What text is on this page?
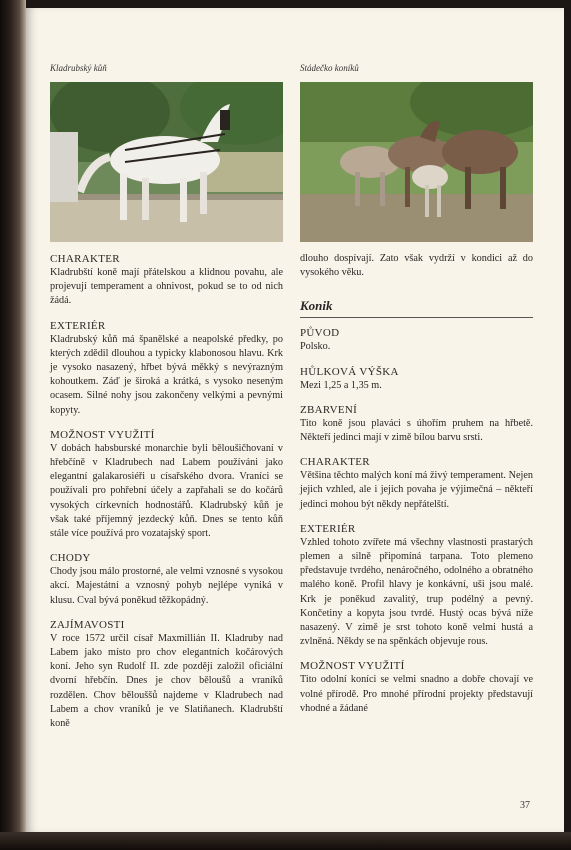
Kladrubský kůň	Stádečko koníků
CHARAKTER

Kladrubští koně mají přátelskou a klidnou povahu, ale projevují temperament a ohnivost, pokud se to od nich žádá.

EXTERIÉR

Kladrubský kůň má španělské a neapolské předky, po kterých zdědil dlouhou a typicky klabonosou hlavu. Krk je vysoko nasazený, hřbet bývá měkký s nevýrazným kohoutkem. Záď je široká a krátká, s vysoko neseným ocasem. Silné nohy jsou zakončeny velkými a pevnými kopyty.

MOŽNOST VYUŽITÍ

V dobách habsburské monarchie byli běloušičhovaní v hřebčíně v Kladrubech nad Labem používáni jako elegantní galakarosiéři u císařského dvora. Vraníci se používali pro pohřební účely a zapřahali se do kočárů vysokých církevních hodnostářů. Kladrubský kůň je však také příjemný jezdecký kůň. Dnes se tento kůň stále více používá pro vozatajský sport.

CHODY

Chody jsou málo prostorné, ale velmi vznosné s vysokou akcí. Majestátní a vznosný pohyb nejlépe vyniká v klusu. Cval bývá poněkud těžkopádný.

ZAJÍMAVOSTI

V roce 1572 určil císař Maxmillián II. Kladruby nad Labem jako místo pro chov elegantních kočárových koní. Jeho syn Rudolf II. zde později založil oficiální dvorní hřebčín. Dnes je chov běloušů a vraníků rozdělen. Chov bělouššů najdeme v Kladrubech nad Labem a chov vraníků je ve Slatiňanech. Kladrubští koně

dlouho dospívají. Zato však vydrží v kondici až do vysokého věku.

Konik
PŮVOD

Polsko.

HŮLKOVÁ VÝŠKA

Mezi 1,25 a 1,35 m.

ZBARVENÍ

Tito koně jsou plaváci s úhořím pruhem na hřbetě. Někteří jedinci mají v zimě bílou barvu srsti.

CHARAKTER

Většina těchto malých koní má živý temperament. Nejen jejich vzhled, ale i jejich povaha je výjimečná – někteří jedinci mohou být někdy nepřátelští.

EXTERIÉR

Vzhled tohoto zvířete má všechny vlastnosti prastarých plemen a silně připomíná tarpana. Toto plemeno představuje tvrdého, nenáročného, odolného a obratného malého koně. Profil hlavy je konkávní, uši jsou malé. Krk je poněkud zavalitý, trup podélný a pevný. Končetiny a kopyta jsou tvrdé. Hustý ocas bývá níže nasazený. V zimě je srst tohoto koně velmi hustá a zvlněná. Někdy se na spěnkách objevuje rous.

MOŽNOST VYUŽITÍ

Tito odolní koníci se velmi snadno a dobře chovají ve volné přírodě. Pro mnohé přírodní projekty představují vhodné a žádané

37
